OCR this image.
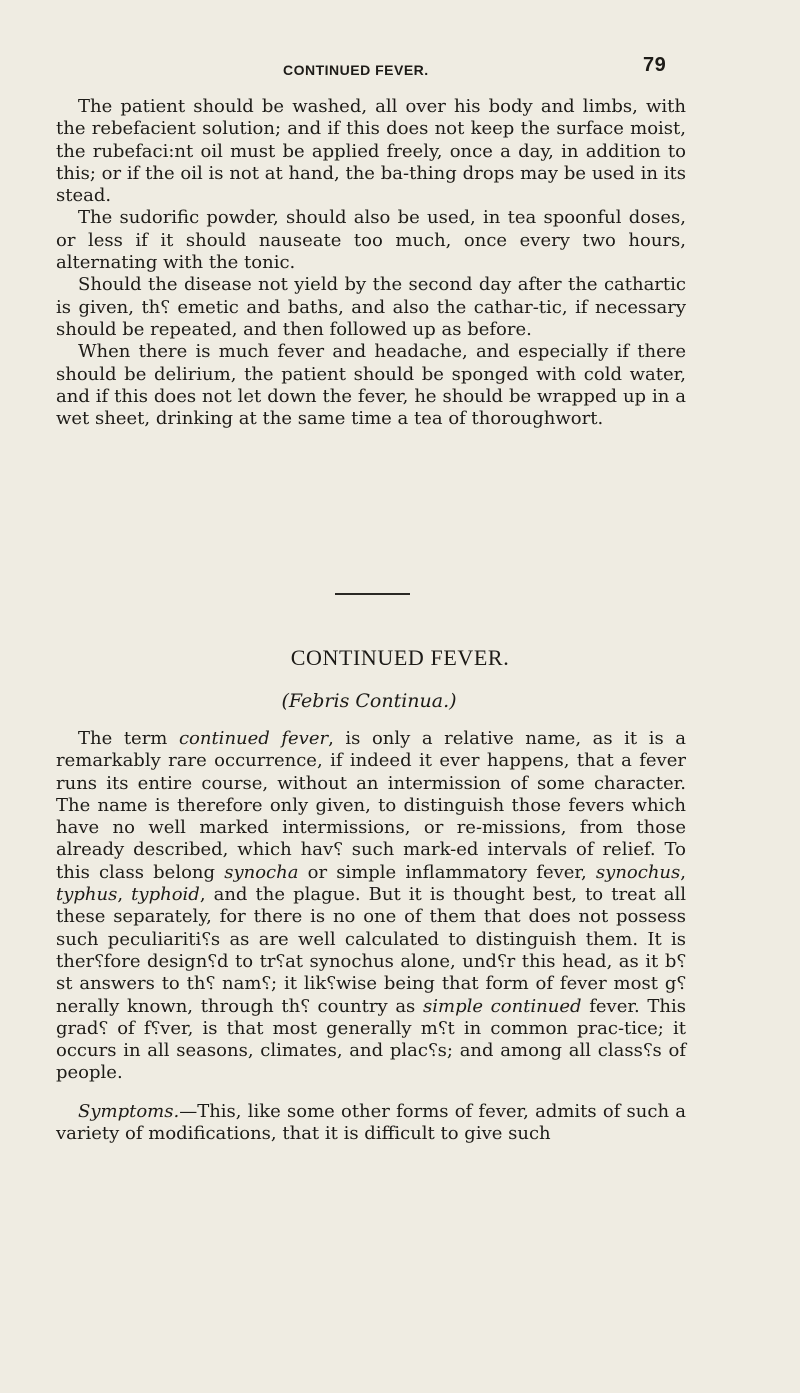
CONTINUED FEVER.	79

The patient should be washed, all over his body and limbs, with the rebefacient solution; and if this does not keep the surface moist, the rubefaci:nt oil must be applied freely, once a day, in addition to this; or if the oil is not at hand, the ba-thing drops may be used in its stead.

The sudorific powder, should also be used, in tea spoonful doses, or less if it should nauseate too much, once every two hours, alternating with the tonic.

Should the disease not yield by the second day after the cathartic is given, th⸮ emetic and baths, and also the cathar-tic, if necessary should be repeated, and then followed up as before.

When there is much fever and headache, and especially if there should be delirium, the patient should be sponged with cold water, and if this does not let down the fever, he should be wrapped up in a wet sheet, drinking at the same time a tea of thoroughwort.

CONTINUED FEVER.
(Febris Continua.)

The term continued fever, is only a relative name, as it is a remarkably rare occurrence, if indeed it ever happens, that a fever runs its entire course, without an intermission of some character. The name is therefore only given, to distinguish those fevers which have no well marked intermissions, or re-missions, from those already described, which hav⸮ such mark-ed intervals of relief. To this class belong synocha or simple inflammatory fever, synochus, typhus, typhoid, and the plague. But it is thought best, to treat all these separately, for there is no one of them that does not possess such peculiariti⸮s as are well calculated to distinguish them. It is ther⸮fore design⸮d to tr⸮at synochus alone, und⸮r this head, as it b⸮st answers to th⸮ nam⸮; it lik⸮wise being that form of fever most g⸮nerally known, through th⸮ country as simple continued fever. This grad⸮ of f⸮ver, is that most generally m⸮t in common prac-tice; it occurs in all seasons, climates, and plac⸮s; and among all class⸮s of people.

Symptoms.—This, like some other forms of fever, admits of such a variety of modifications, that it is difficult to give such
